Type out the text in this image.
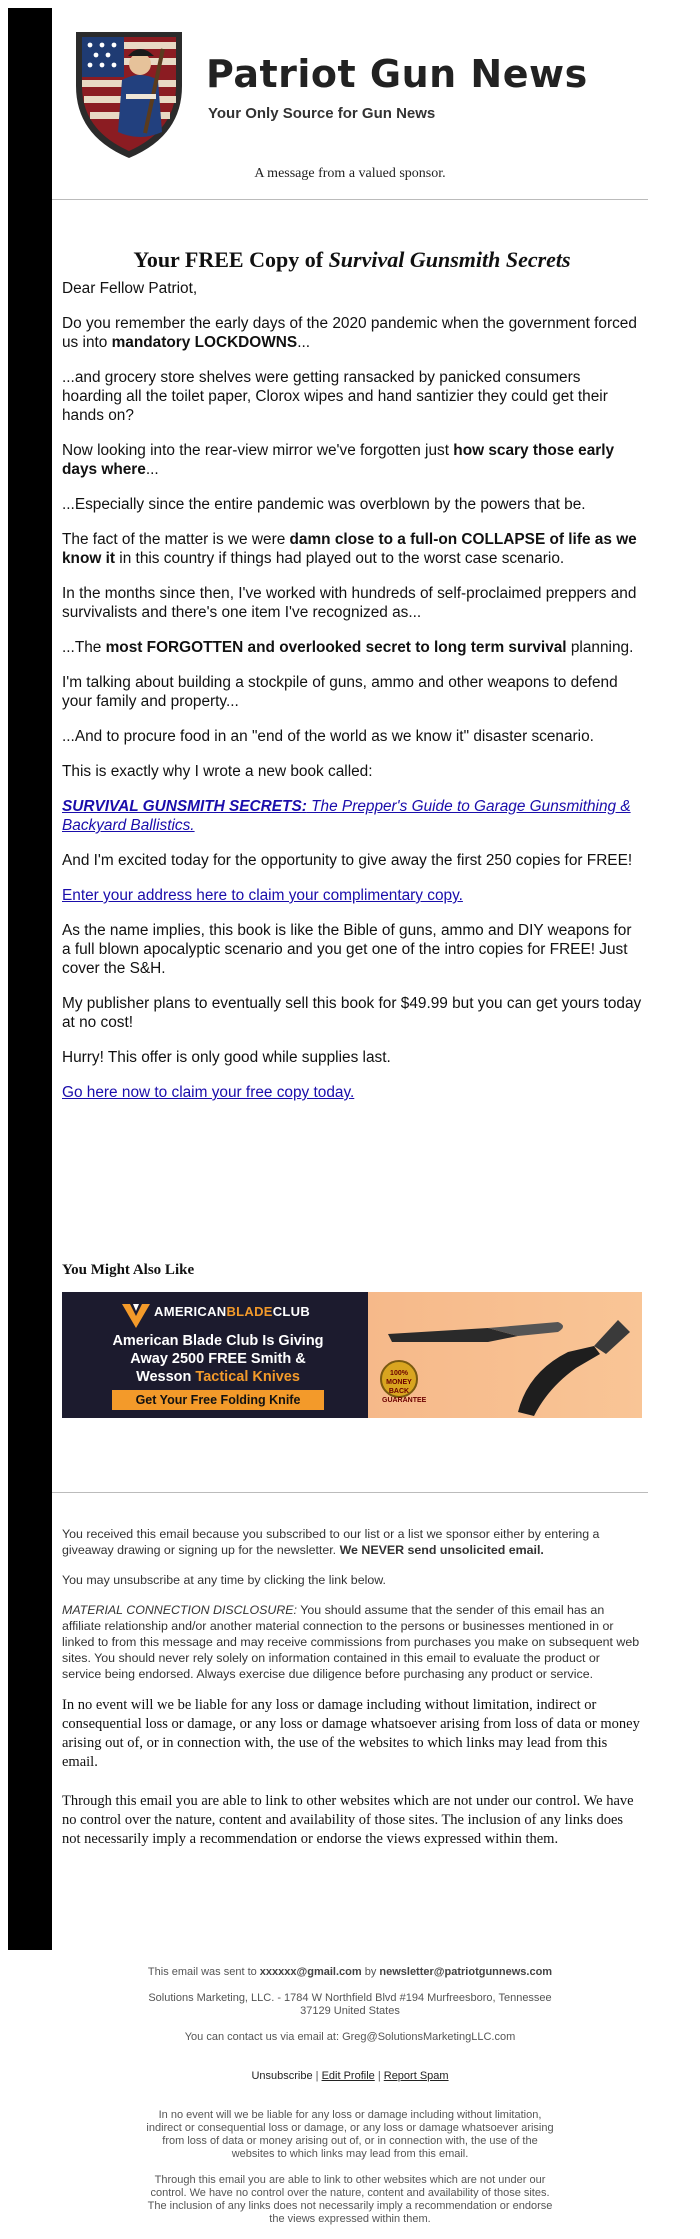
Patriot Gun News
Your Only Source for Gun News
A message from a valued sponsor.
Your FREE Copy of Survival Gunsmith Secrets

Dear Fellow Patriot,

Do you remember the early days of the 2020 pandemic when the government forced us into mandatory LOCKDOWNS...

...and grocery store shelves were getting ransacked by panicked consumers hoarding all the toilet paper, Clorox wipes and hand santizier they could get their hands on?

Now looking into the rear-view mirror we've forgotten just how scary those early days where...

...Especially since the entire pandemic was overblown by the powers that be.

The fact of the matter is we were damn close to a full-on COLLAPSE of life as we know it in this country if things had played out to the worst case scenario.

In the months since then, I've worked with hundreds of self-proclaimed preppers and survivalists and there's one item I've recognized as...

...The most FORGOTTEN and overlooked secret to long term survival planning.

I'm talking about building a stockpile of guns, ammo and other weapons to defend your family and property...

...And to procure food in an "end of the world as we know it" disaster scenario.

This is exactly why I wrote a new book called:

SURVIVAL GUNSMITH SECRETS: The Prepper's Guide to Garage Gunsmithing & Backyard Ballistics.

And I'm excited today for the opportunity to give away the first 250 copies for FREE!

Enter your address here to claim your complimentary copy.

As the name implies, this book is like the Bible of guns, ammo and DIY weapons for a full blown apocalyptic scenario and you get one of the intro copies for FREE! Just cover the S&H.

My publisher plans to eventually sell this book for $49.99 but you can get yours today at no cost!

Hurry! This offer is only good while supplies last.

Go here now to claim your free copy today.

You Might Also Like
AMERICANBLADECLUB
American Blade Club Is Giving
Away 2500 FREE Smith &
Wesson Tactical Knives
Get Your Free Folding Knife
100% MONEY BACK GUARANTEE

You received this email because you subscribed to our list or a list we sponsor either by entering a giveaway drawing or signing up for the newsletter. We NEVER send unsolicited email.

You may unsubscribe at any time by clicking the link below.

MATERIAL CONNECTION DISCLOSURE: You should assume that the sender of this email has an affiliate relationship and/or another material connection to the persons or businesses mentioned in or linked to from this message and may receive commissions from purchases you make on subsequent web sites. You should never rely solely on information contained in this email to evaluate the product or service being endorsed. Always exercise due diligence before purchasing any product or service.

In no event will we be liable for any loss or damage including without limitation, indirect or consequential loss or damage, or any loss or damage whatsoever arising from loss of data or money arising out of, or in connection with, the use of the websites to which links may lead from this email.

Through this email you are able to link to other websites which are not under our control. We have no control over the nature, content and availability of those sites. The inclusion of any links does not necessarily imply a recommendation or endorse the views expressed within them.

This email was sent to xxxxxx@gmail.com by newsletter@patriotgunnews.com

Solutions Marketing, LLC. - 1784 W Northfield Blvd #194 Murfreesboro, Tennessee 37129 United States

You can contact us via email at: Greg@SolutionsMarketingLLC.com

Unsubscribe | Edit Profile | Report Spam

In no event will we be liable for any loss or damage including without limitation, indirect or consequential loss or damage, or any loss or damage whatsoever arising from loss of data or money arising out of, or in connection with, the use of the websites to which links may lead from this email.

Through this email you are able to link to other websites which are not under our control. We have no control over the nature, content and availability of those sites. The inclusion of any links does not necessarily imply a recommendation or endorse the views expressed within them.
